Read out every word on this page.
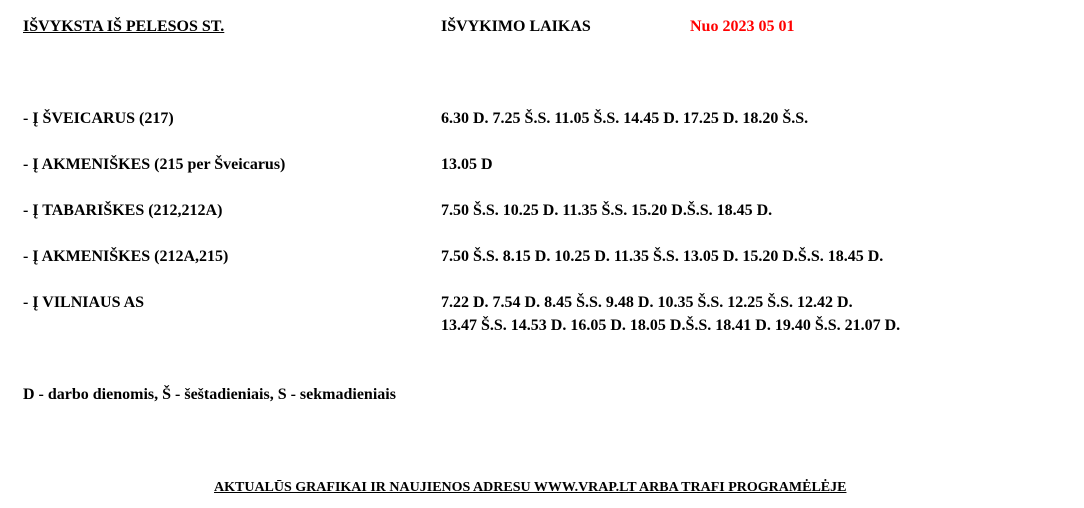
IŠVYKSTA IŠ PELESOS ST.	IŠVYKIMO LAIKAS	Nuo 2023 05 01
- Į ŠVEICARUS (217)	6.30 D. 7.25 Š.S. 11.05 Š.S. 14.45 D. 17.25 D. 18.20 Š.S.
- Į AKMENIŠKES (215 per Šveicarus)	13.05 D
- Į TABARIŠKES (212,212A)	7.50 Š.S. 10.25 D. 11.35 Š.S. 15.20 D.Š.S. 18.45 D.
- Į AKMENIŠKES (212A,215)	7.50 Š.S. 8.15 D. 10.25 D. 11.35 Š.S. 13.05 D. 15.20 D.Š.S. 18.45 D.
- Į VILNIAUS AS	7.22 D. 7.54 D. 8.45 Š.S. 9.48 D. 10.35 Š.S. 12.25 Š.S. 12.42 D.
13.47 Š.S. 14.53 D. 16.05 D. 18.05 D.Š.S. 18.41 D. 19.40 Š.S. 21.07 D.
D - darbo dienomis, Š - šeštadieniais, S - sekmadieniais
AKTUALŪS GRAFIKAI IR NAUJIENOS ADRESU WWW.VRAP.LT ARBA TRAFI PROGRAMĖLĖJE
